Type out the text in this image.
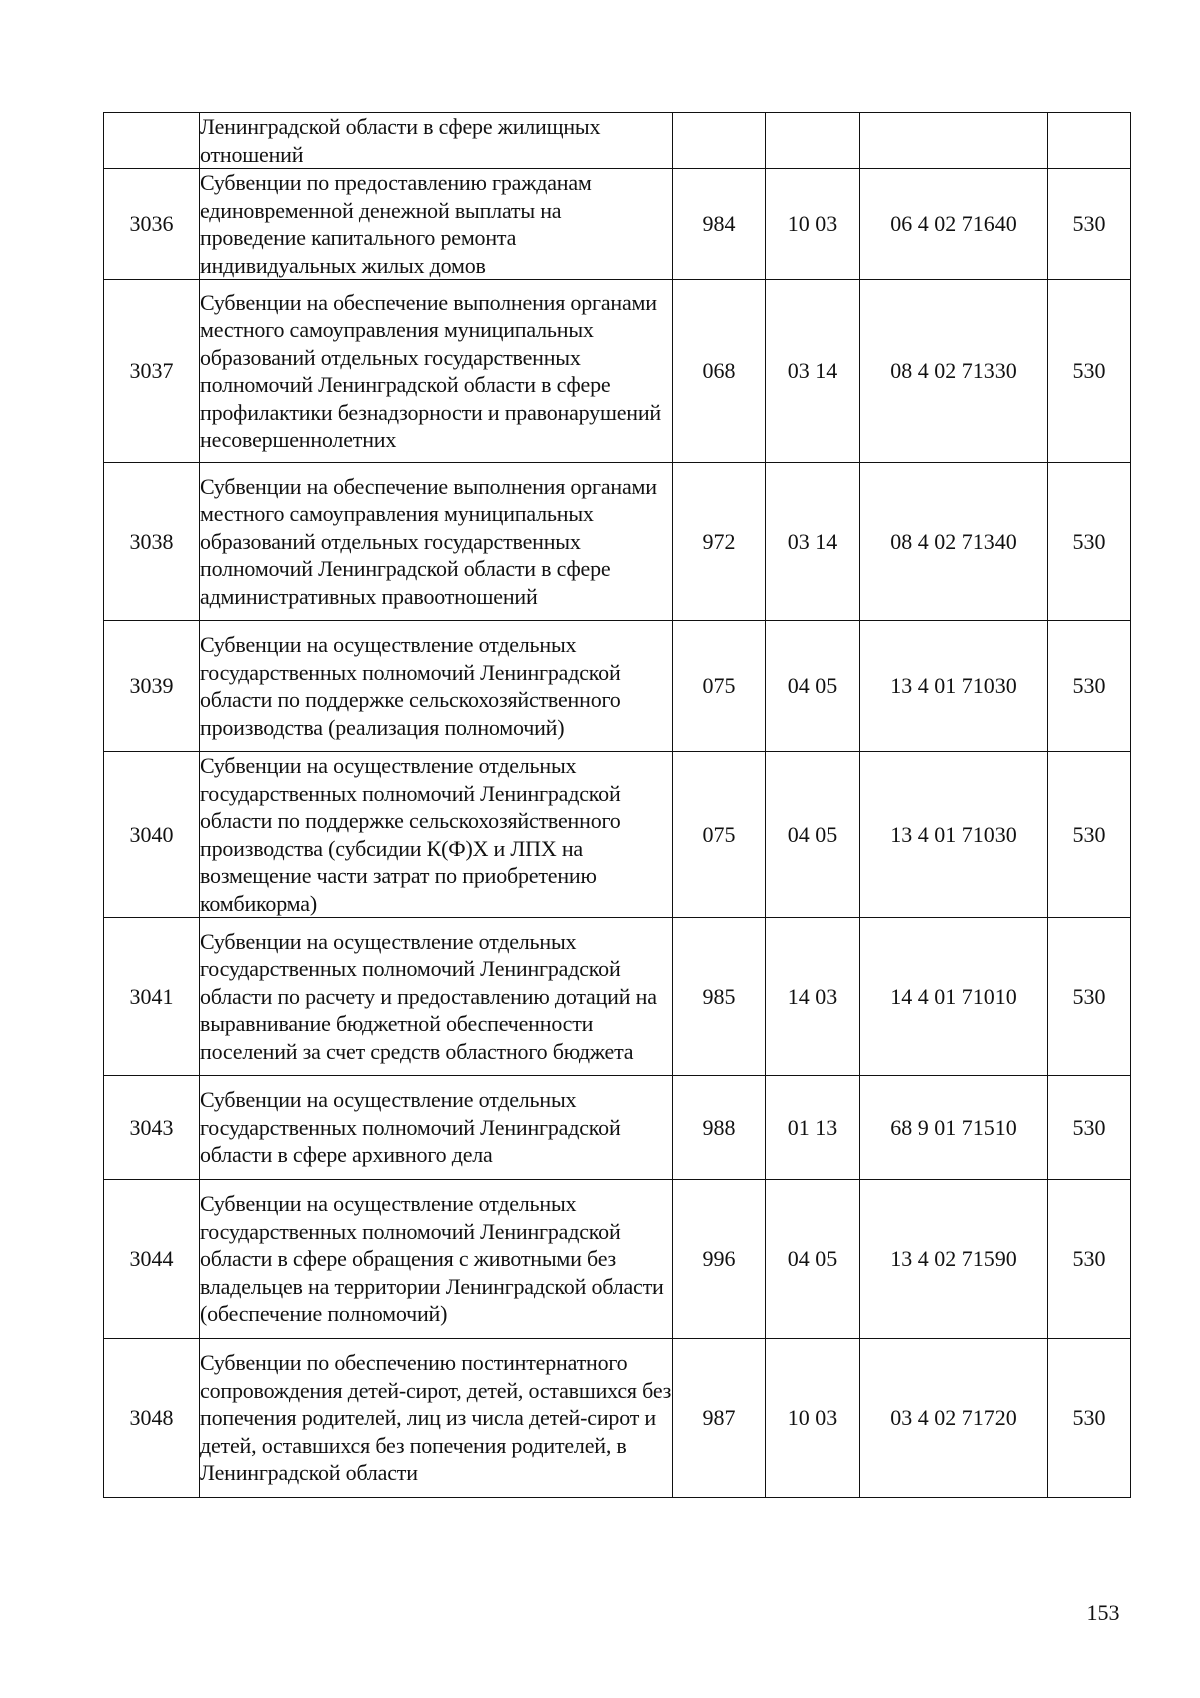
	Ленинградской области в сфере жилищных отношений				
3036	Субвенции по предоставлению гражданам единовременной денежной выплаты на проведение капитального ремонта индивидуальных жилых домов	984	10 03	06 4 02 71640	530
3037	Субвенции на обеспечение выполнения органами местного самоуправления муниципальных образований отдельных государственных полномочий Ленинградской области в сфере профилактики безнадзорности и правонарушений несовершеннолетних	068	03 14	08 4 02 71330	530
3038	Субвенции на обеспечение выполнения органами местного самоуправления муниципальных образований отдельных государственных полномочий Ленинградской области в сфере административных правоотношений	972	03 14	08 4 02 71340	530
3039	Субвенции на осуществление отдельных государственных полномочий Ленинградской области по поддержке сельскохозяйственного производства (реализация полномочий)	075	04 05	13 4 01 71030	530
3040	Субвенции на осуществление отдельных государственных полномочий Ленинградской области по поддержке сельскохозяйственного производства (субсидии К(Ф)Х и ЛПХ на возмещение части затрат по приобретению комбикорма)	075	04 05	13 4 01 71030	530
3041	Субвенции на осуществление отдельных государственных полномочий Ленинградской области по расчету и предоставлению дотаций на выравнивание бюджетной обеспеченности поселений за счет средств областного бюджета	985	14 03	14 4 01 71010	530
3043	Субвенции на осуществление отдельных государственных полномочий Ленинградской области в сфере архивного дела	988	01 13	68 9 01 71510	530
3044	Субвенции на осуществление отдельных государственных полномочий Ленинградской области в сфере обращения с животными без владельцев на территории Ленинградской области (обеспечение полномочий)	996	04 05	13 4 02 71590	530
3048	Субвенции по обеспечению постинтернатного сопровождения детей-сирот, детей, оставшихся без попечения родителей, лиц из числа детей-сирот и детей, оставшихся без попечения родителей, в Ленинградской области	987	10 03	03 4 02 71720	530
153
